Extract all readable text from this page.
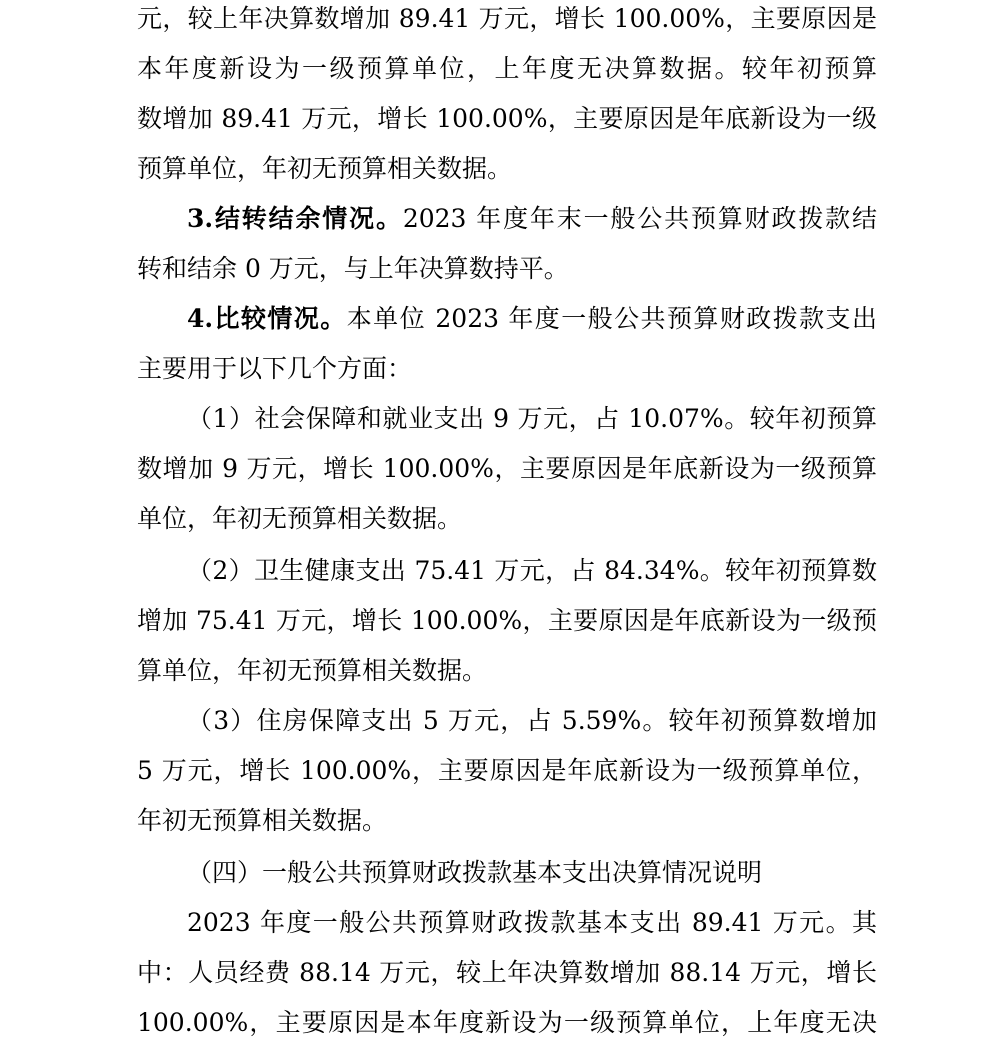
元，较上年决算数增加 89.41 万元，增长 100.00%，主要原因是
本年度新设为一级预算单位，上年度无决算数据。较年初预算
数增加 89.41 万元，增长 100.00%，主要原因是年底新设为一级
预算单位，年初无预算相关数据。
3.结转结余情况。2023 年度年末一般公共预算财政拨款结
转和结余 0 万元，与上年决算数持平。
4.比较情况。本单位 2023 年度一般公共预算财政拨款支出
主要用于以下几个方面：
（1）社会保障和就业支出 9 万元，占 10.07%。较年初预算
数增加 9 万元，增长 100.00%，主要原因是年底新设为一级预算
单位，年初无预算相关数据。
（2）卫生健康支出 75.41 万元，占 84.34%。较年初预算数
增加 75.41 万元，增长 100.00%，主要原因是年底新设为一级预
算单位，年初无预算相关数据。
（3）住房保障支出 5 万元，占 5.59%。较年初预算数增加
5 万元，增长 100.00%，主要原因是年底新设为一级预算单位，
年初无预算相关数据。
（四）一般公共预算财政拨款基本支出决算情况说明
2023 年度一般公共预算财政拨款基本支出 89.41 万元。其
中：人员经费 88.14 万元，较上年决算数增加 88.14 万元，增长
100.00%，主要原因是本年度新设为一级预算单位，上年度无决
